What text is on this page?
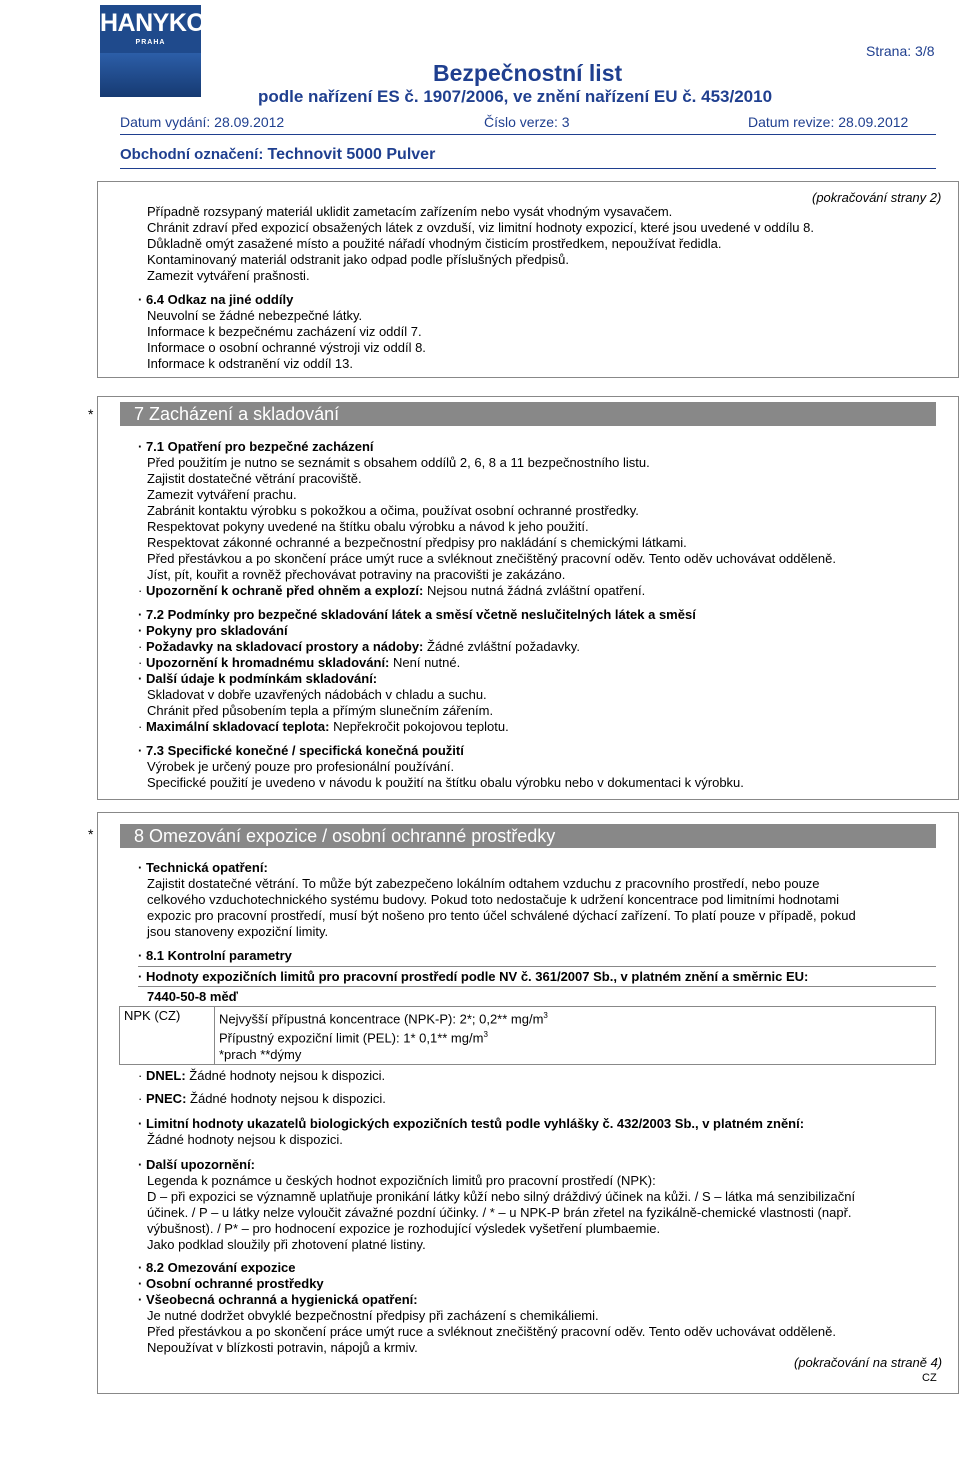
HANYKO
PRAHA
Bezpečnostní list
podle nařízení ES č. 1907/2006, ve znění nařízení EU č. 453/2010
Strana: 3/8
Datum vydání: 28.09.2012	Číslo verze: 3	Datum revize: 28.09.2012
Obchodní označení: Technovit 5000 Pulver
(pokračování strany 2)
Případně rozsypaný materiál uklidit zametacím zařízením nebo vysát vhodným vysavačem.
Chránit zdraví před expozicí obsažených látek z ovzduší, viz limitní hodnoty expozicí, které jsou uvedené v oddílu 8.
Důkladně omýt zasažené místo a použité nářadí vhodným čisticím prostředkem, nepoužívat ředidla.
Kontaminovaný materiál odstranit jako odpad podle příslušných předpisů.
Zamezit vytváření prašnosti.
· 6.4 Odkaz na jiné oddíly
Neuvolní se žádné nebezpečné látky.
Informace k bezpečnému zacházení viz oddíl 7.
Informace o osobní ochranné výstroji viz oddíl 8.
Informace k odstranění viz oddíl 13.
*	7 Zacházení a skladování
· 7.1 Opatření pro bezpečné zacházení
Před použitím je nutno se seznámit s obsahem oddílů 2, 6, 8 a 11 bezpečnostního listu.
Zajistit dostatečné větrání pracoviště.
Zamezit vytváření prachu.
Zabránit kontaktu výrobku s pokožkou a očima, používat osobní ochranné prostředky.
Respektovat pokyny uvedené na štítku obalu výrobku a návod k jeho použití.
Respektovat zákonné ochranné a bezpečnostní předpisy pro nakládání s chemickými látkami.
Před přestávkou a po skončení práce umýt ruce a svléknout znečištěný pracovní oděv. Tento oděv uchovávat odděleně.
Jíst, pít, kouřit a rovněž přechovávat potraviny na pracovišti je zakázáno.
· Upozornění k ochraně před ohněm a explozí: Nejsou nutná žádná zvláštní opatření.
· 7.2 Podmínky pro bezpečné skladování látek a směsí včetně neslučitelných látek a směsí
· Pokyny pro skladování
· Požadavky na skladovací prostory a nádoby: Žádné zvláštní požadavky.
· Upozornění k hromadnému skladování: Není nutné.
· Další údaje k podmínkám skladování:
Skladovat v dobře uzavřených nádobách v chladu a suchu.
Chránit před působením tepla a přímým slunečním zářením.
· Maximální skladovací teplota: Nepřekročit pokojovou teplotu.
· 7.3 Specifické konečné / specifická konečná použití
Výrobek je určený pouze pro profesionální používání.
Specifické použití je uvedeno v návodu k použití na štítku obalu výrobku nebo v dokumentaci k výrobku.
*	8 Omezování expozice / osobní ochranné prostředky
· Technická opatření:
Zajistit dostatečné větrání. To může být zabezpečeno lokálním odtahem vzduchu z pracovního prostředí, nebo pouze
celkového vzduchotechnického systému budovy. Pokud toto nedostačuje k udržení koncentrace pod limitními hodnotami
expozic pro pracovní prostředí, musí být nošeno pro tento účel schválené dýchací zařízení. To platí pouze v případě, pokud
jsou stanoveny expoziční limity.
· 8.1 Kontrolní parametry
· Hodnoty expozičních limitů pro pracovní prostředí podle NV č. 361/2007 Sb., v platném znění a směrnic EU:
7440-50-8 měď
NPK (CZ)	Nejvyšší přípustná koncentrace (NPK-P): 2*; 0,2** $mg/m^3$
Přípustný expoziční limit (PEL): 1* 0,1** $mg/m^3$
*prach **dýmy
· DNEL: Žádné hodnoty nejsou k dispozici.
· PNEC: Žádné hodnoty nejsou k dispozici.
· Limitní hodnoty ukazatelů biologických expozičních testů podle vyhlášky č. 432/2003 Sb., v platném znění:
Žádné hodnoty nejsou k dispozici.
· Další upozornění:
Legenda k poznámce u českých hodnot expozičních limitů pro pracovní prostředí (NPK):
D – při expozici se významně uplatňuje pronikání látky kůží nebo silný dráždivý účinek na kůži. / S – látka má senzibilizační
účinek. / P – u látky nelze vyloučit závažné pozdní účinky. / * – u NPK-P brán zřetel na fyzikálně-chemické vlastnosti (např.
výbušnost). / P* – pro hodnocení expozice je rozhodující výsledek vyšetření plumbaemie.
Jako podklad sloužily při zhotovení platné listiny.
· 8.2 Omezování expozice
· Osobní ochranné prostředky
· Všeobecná ochranná a hygienická opatření:
Je nutné dodržet obvyklé bezpečnostní předpisy při zacházení s chemikáliemi.
Před přestávkou a po skončení práce umýt ruce a svléknout znečištěný pracovní oděv. Tento oděv uchovávat odděleně.
Nepoužívat v blízkosti potravin, nápojů a krmiv.
(pokračování na straně 4)
CZ
